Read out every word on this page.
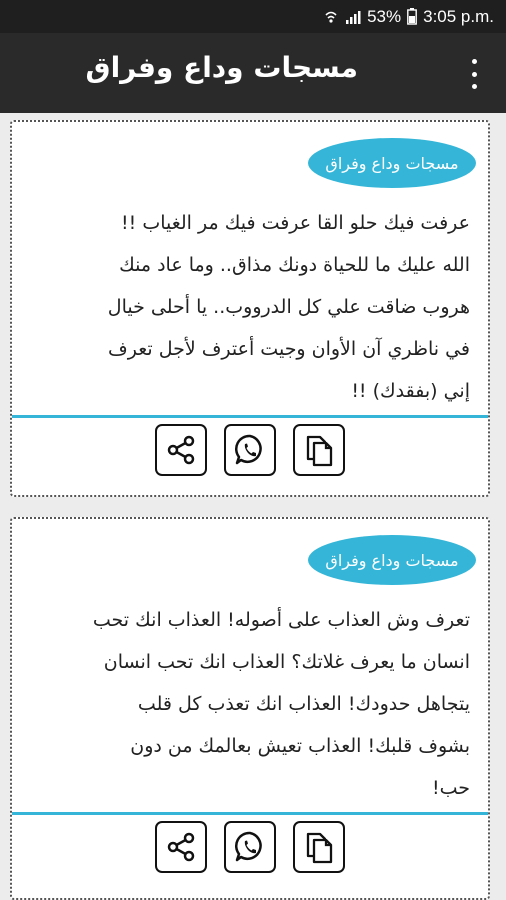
53% 3:05 p.m.
مسجات وداع وفراق
مسجات وداع وفراق
عرفت فيك حلو القا عرفت فيك مر الغياب !!
الله عليك ما للحياة دونك مذاق.. وما عاد منك
هروب ضاقت علي كل الدرووب.. يا أحلى خيال
في ناظري آن الأوان وجيت أعترف لأجل تعرف
إني (بفقدك) !!
مسجات وداع وفراق
تعرف وش العذاب على أصوله! العذاب انك تحب
انسان ما يعرف غلاتك؟ العذاب انك تحب انسان
يتجاهل حدودك! العذاب انك تعذب كل قلب
بشوف قلبك! العذاب تعيش بعالمك من دون
حب!
